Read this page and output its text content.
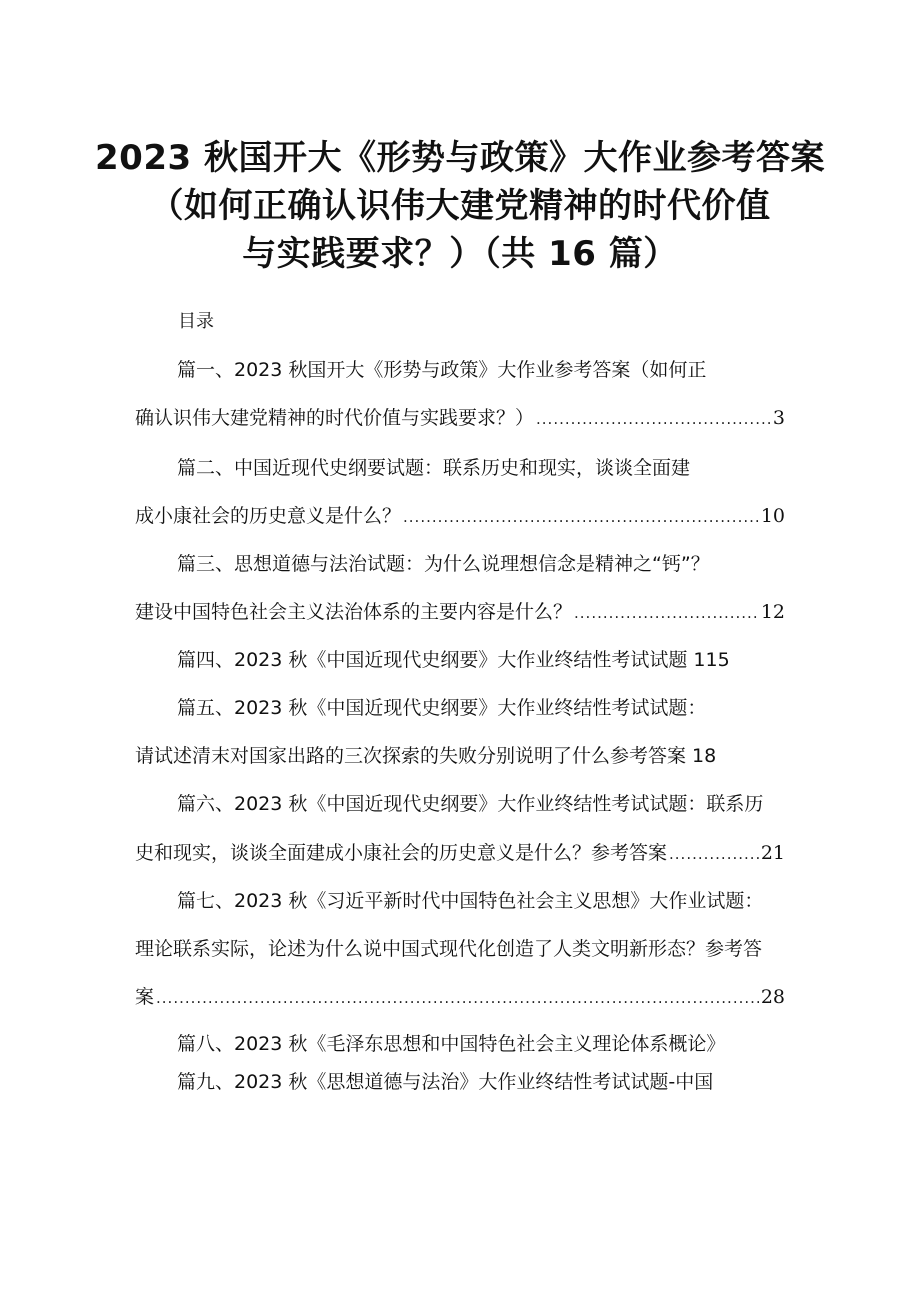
2023 秋国开大《形势与政策》大作业参考答案
（如何正确认识伟大建党精神的时代价值
与实践要求？）（共 16 篇）
目录
篇一、2023 秋国开大《形势与政策》大作业参考答案（如何正
确认识伟大建党精神的时代价值与实践要求？） .....	3
篇二、中国近现代史纲要试题：联系历史和现实，谈谈全面建
成小康社会的历史意义是什么？ .....	10
篇三、思想道德与法治试题：为什么说理想信念是精神之“钙”？
建设中国特色社会主义法治体系的主要内容是什么？ .....	12
篇四、2023 秋《中国近现代史纲要》大作业终结性考试试题 115
篇五、2023 秋《中国近现代史纲要》大作业终结性考试试题：
请试述清末对国家出路的三次探索的失败分别说明了什么参考答案 18
篇六、2023 秋《中国近现代史纲要》大作业终结性考试试题：联系历
史和现实，谈谈全面建成小康社会的历史意义是什么？参考答案 .....	21
篇七、2023 秋《习近平新时代中国特色社会主义思想》大作业试题：
理论联系实际，论述为什么说中国式现代化创造了人类文明新形态？参考答
案 .....	28
篇八、2023 秋《毛泽东思想和中国特色社会主义理论体系概论》
篇九、2023 秋《思想道德与法治》大作业终结性考试试题-中国
